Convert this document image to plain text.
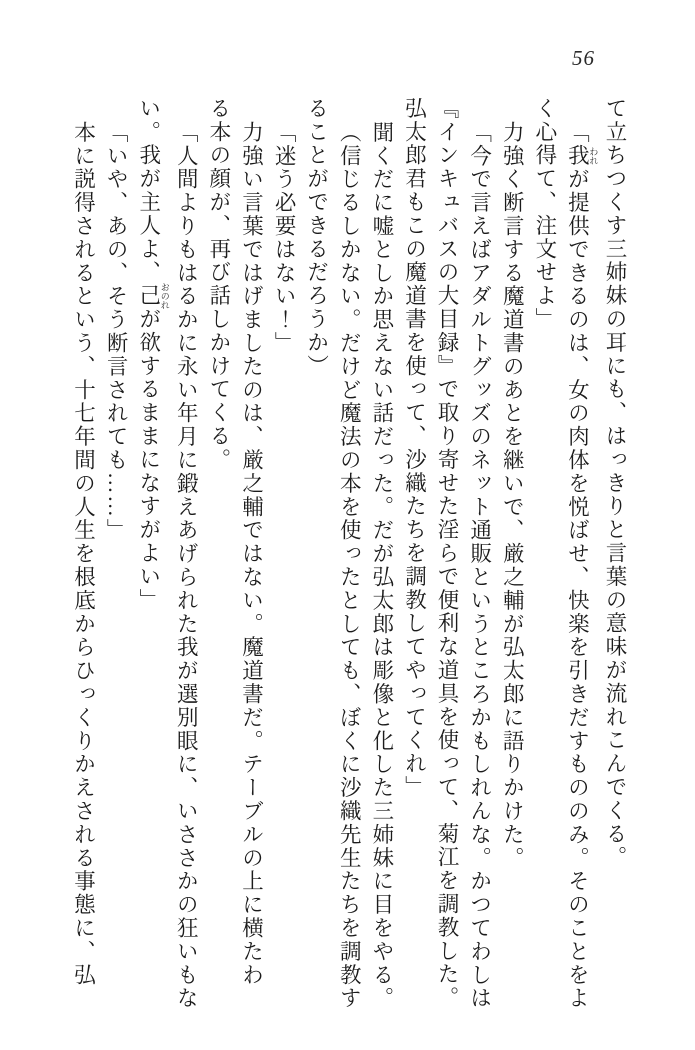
56
て立ちつくす三姉妹の耳にも、はっきりと言葉の意味が流れこんでくる。
「我 われが提供できるのは、女の肉体を悦ばせ、快楽を引きだすもののみ。そのことをよ
く心得て、注文せよ」
力強く断言する魔道書のあとを継いで、厳之輔が弘太郎に語りかけた。
「今で言えばアダルトグッズのネット通販というところかもしれんな。かつてわしは
『インキュバスの大目録』で取り寄せた淫らで便利な道具を使って、菊江を調教した。
弘太郎君もこの魔道書を使って、沙織たちを調教してやってくれ」
聞くだに嘘としか思えない話だった。だが弘太郎は彫像と化した三姉妹に目をやる。
（信じるしかない。だけど魔法の本を使ったとしても、ぼくに沙織先生たちを調教す
ることができるだろうか）
「迷う必要はない！」
力強い言葉ではげましたのは、厳之輔ではない。魔道書だ。テーブルの上に横たわ
る本の顔が、再び話しかけてくる。
「人間よりもはるかに永い年月に鍛えあげられた我が選別眼に、いささかの狂いもな
い。我が主人よ、己 おのれが欲するままになすがよい」
「いや、あの、そう断言されても……」
本に説得されるという、十七年間の人生を根底からひっくりかえされる事態に、弘
